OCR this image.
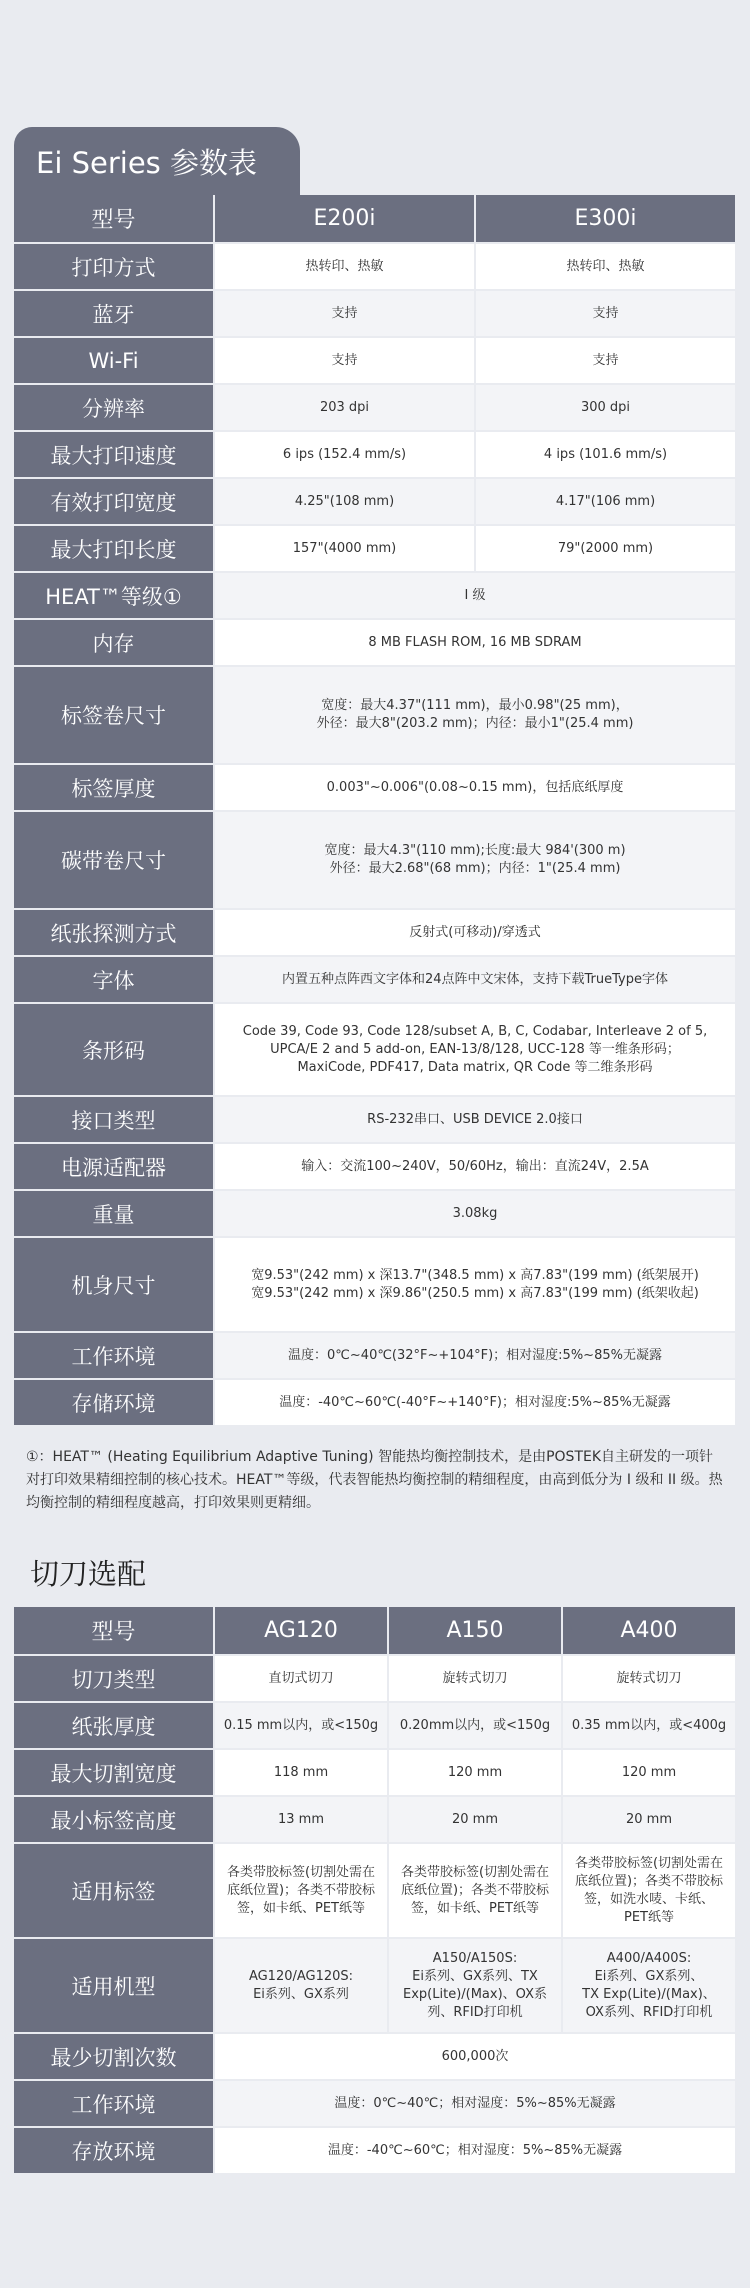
Ei Series 参数表
型号	E200i	E300i
打印方式	热转印、热敏	热转印、热敏
蓝牙	支持	支持
Wi-Fi	支持	支持
分辨率	203 dpi	300 dpi
最大打印速度	6 ips (152.4 mm/s)	4 ips (101.6 mm/s)
有效打印宽度	4.25"(108 mm)	4.17"(106 mm)
最大打印长度	157"(4000 mm)	79"(2000 mm)
HEAT™等级①	I 级	
内存	8 MB FLASH ROM, 16 MB SDRAM	
标签卷尺寸	宽度：最大4.37"(111 mm)，最小0.98"(25 mm)，
外径：最大8"(203.2 mm)；内径：最小1"(25.4 mm)	
标签厚度	0.003"~0.006"(0.08~0.15 mm)，包括底纸厚度	
碳带卷尺寸	宽度：最大4.3"(110 mm);长度:最大 984'(300 m)
外径：最大2.68"(68 mm)；内径：1"(25.4 mm)	
纸张探测方式	反射式(可移动)/穿透式	
字体	内置五种点阵西文字体和24点阵中文宋体，支持下载TrueType字体	
条形码	Code 39, Code 93, Code 128/subset A, B, C, Codabar, Interleave 2 of 5,
UPCA/E 2 and 5 add-on, EAN-13/8/128, UCC-128 等一维条形码；
MaxiCode, PDF417, Data matrix, QR Code 等二维条形码	
接口类型	RS-232串口、USB DEVICE 2.0接口	
电源适配器	输入：交流100~240V，50/60Hz，输出：直流24V，2.5A	
重量	3.08kg	
机身尺寸	宽9.53"(242 mm) x 深13.7"(348.5 mm) x 高7.83"(199 mm) (纸架展开)
宽9.53"(242 mm) x 深9.86"(250.5 mm) x 高7.83"(199 mm) (纸架收起)	
工作环境	温度：0℃~40℃(32°F~+104°F)；相对湿度:5%~85%无凝露	
存储环境	温度：-40℃~60℃(-40°F~+140°F)；相对湿度:5%~85%无凝露	
①：HEAT™ (Heating Equilibrium Adaptive Tuning) 智能热均衡控制技术，是由POSTEK自主研发的一项针对打印效果精细控制的核心技术。HEAT™等级，代表智能热均衡控制的精细程度，由高到低分为 I 级和 II 级。热均衡控制的精细程度越高，打印效果则更精细。
切刀选配
型号	AG120	A150	A400
切刀类型	直切式切刀	旋转式切刀	旋转式切刀
纸张厚度	0.15 mm以内，或<150g	0.20mm以内，或<150g	0.35 mm以内，或<400g
最大切割宽度	118 mm	120 mm	120 mm
最小标签高度	13 mm	20 mm	20 mm
适用标签	各类带胶标签(切割处需在
底纸位置)；各类不带胶标
签，如卡纸、PET纸等	各类带胶标签(切割处需在
底纸位置)；各类不带胶标
签，如卡纸、PET纸等	各类带胶标签(切割处需在
底纸位置)；各类不带胶标
签，如洗水唛、卡纸、
PET纸等
适用机型	AG120/AG120S:
Ei系列、GX系列	A150/A150S:
Ei系列、GX系列、TX
Exp(Lite)/(Max)、OX系
列、RFID打印机	A400/A400S:
Ei系列、GX系列、
TX Exp(Lite)/(Max)、
OX系列、RFID打印机
最少切割次数	600,000次		
工作环境	温度：0℃~40℃；相对湿度：5%~85%无凝露		
存放环境	温度：-40℃~60℃；相对湿度：5%~85%无凝露		
